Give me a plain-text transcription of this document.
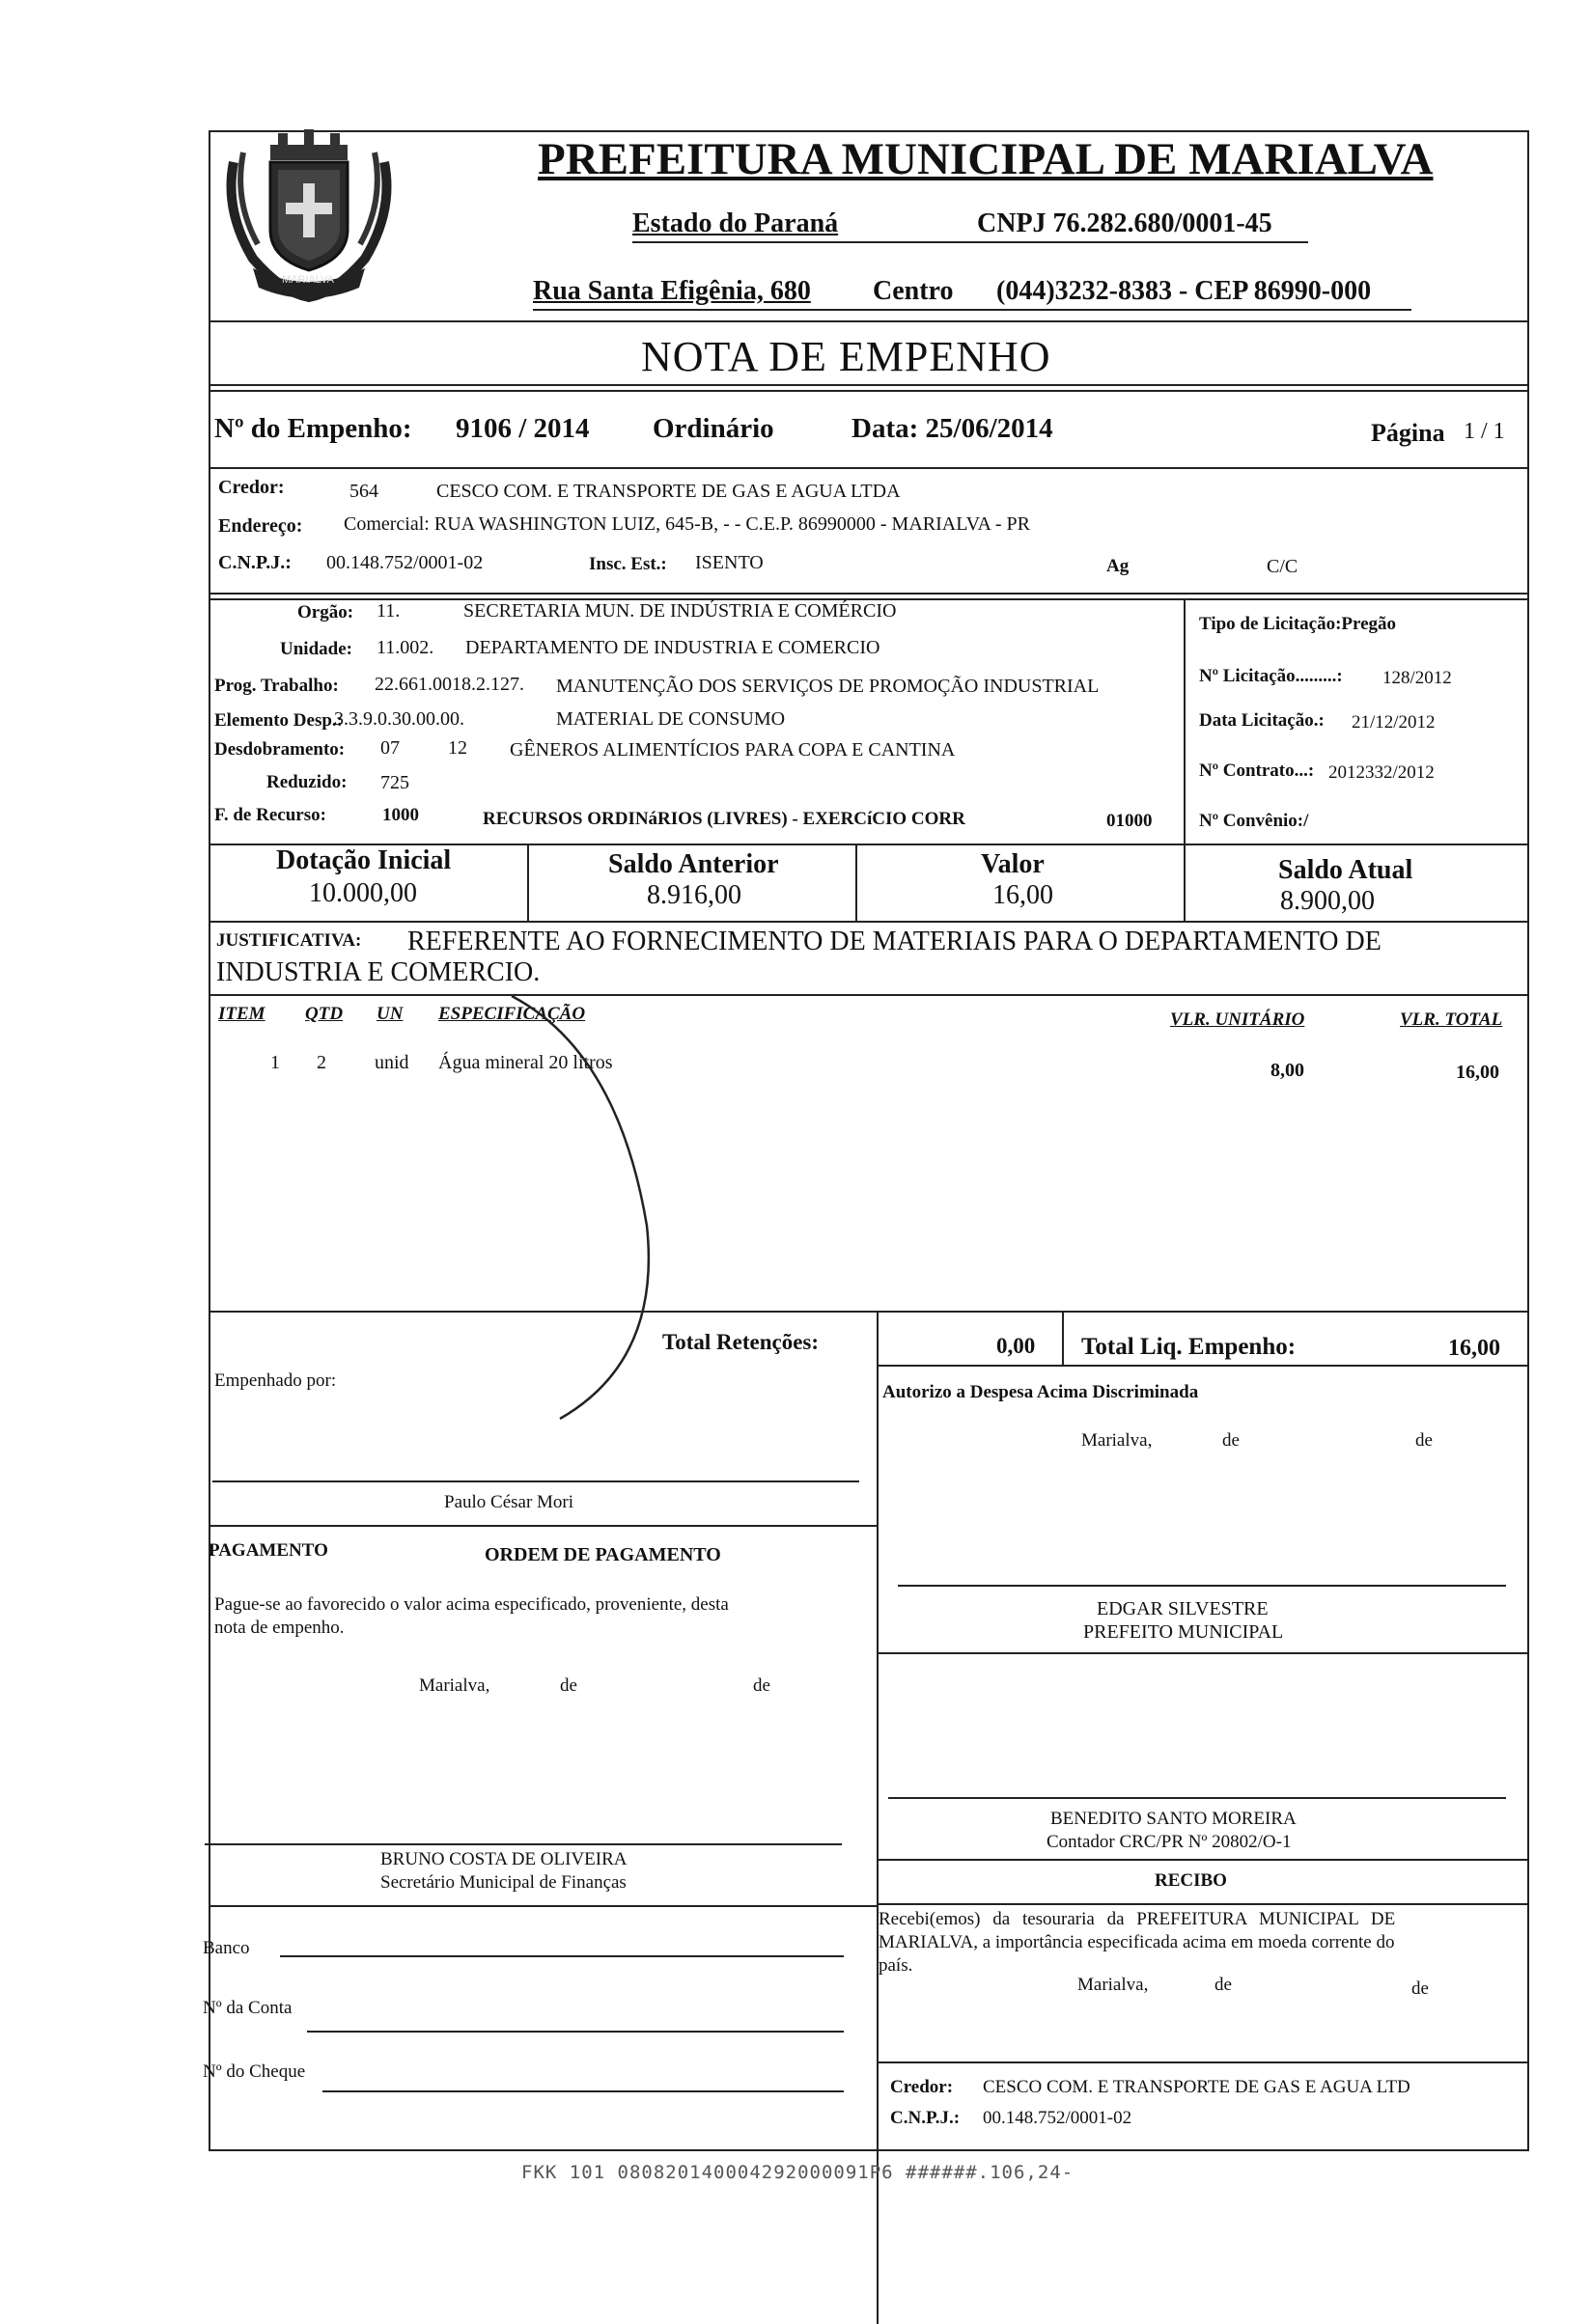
MARIALVA
PREFEITURA MUNICIPAL DE MARIALVA
Estado do Paraná	CNPJ 76.282.680/0001-45
Rua Santa Efigênia, 680 Centro (044)3232-8383 - CEP 86990-000
NOTA DE EMPENHO
Nº do Empenho: 9106 / 2014 Ordinário	Data: 25/06/2014	Página 1 / 1
Credor:	564	CESCO COM. E TRANSPORTE DE GAS E AGUA LTDA
Endereço: Comercial: RUA WASHINGTON LUIZ, 645-B, - - C.E.P. 86990000 - MARIALVA - PR
C.N.P.J.: 00.148.752/0001-02	Insc. Est.: ISENTO	Ag	C/C
Orgão: 11.	SECRETARIA MUN. DE INDÚSTRIA E COMÉRCIO
Unidade: 11.002. DEPARTAMENTO DE INDUSTRIA E COMERCIO
Prog. Trabalho: 22.661.0018.2.127. MANUTENÇÃO DOS SERVIÇOS DE PROMOÇÃO INDUSTRIAL
Elemento Desp.:
3.3.9.0.30.00.00.	MATERIAL DE CONSUMO
Desdobramento: 07	12 GÊNEROS ALIMENTÍCIOS PARA COPA E CANTINA
Reduzido: 725
F. de Recurso:	1000	RECURSOS ORDINáRIOS (LIVRES) - EXERCíCIO CORR	01000
Tipo de Licitação:Pregão
Nº Licitação.........: 128/2012
Data Licitação.: 21/12/2012
Nº Contrato...: 2012332/2012
Nº Convênio:/
Dotação Inicial
10.000,00
Saldo Anterior
8.916,00
Valor
16,00
Saldo Atual
8.900,00
JUSTIFICATIVA: REFERENTE AO FORNECIMENTO DE MATERIAIS PARA O DEPARTAMENTO DE
INDUSTRIA E COMERCIO.
ITEM QTD UN ESPECIFICAÇÃO	VLR. UNITÁRIO	VLR. TOTAL
1 2	unid Água mineral 20 litros	8,00	16,00
Total Retenções:	0,00 Total Liq. Empenho:	16,00
Empenhado por:
Paulo César Mori
Autorizo a Despesa Acima Discriminada
Marialva,	de	de
EDGAR SILVESTRE
PREFEITO MUNICIPAL
PAGAMENTO	ORDEM DE PAGAMENTO
Pague-se ao favorecido o valor acima especificado, proveniente, desta
nota de empenho.
Marialva,	de	de
BRUNO COSTA DE OLIVEIRA
Secretário Municipal de Finanças
BENEDITO SANTO MOREIRA
Contador CRC/PR Nº 20802/O-1
RECIBO
Recebi(emos) da tesouraria da PREFEITURA MUNICIPAL DE
MARIALVA, a importância especificada acima em moeda corrente do
país.
Marialva,	de	de
Credor: CESCO COM. E TRANSPORTE DE GAS E AGUA LTD
C.N.P.J.: 00.148.752/0001-02
Banco
Nº da Conta
Nº do Cheque
FKK 101 080820140004292000091P6 ######.106,24-
